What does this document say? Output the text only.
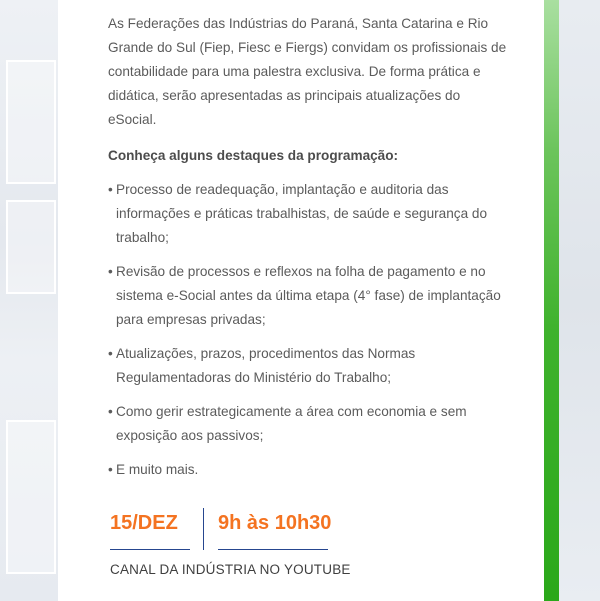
As Federações das Indústrias do Paraná, Santa Catarina e Rio Grande do Sul (Fiep, Fiesc e Fiergs) convidam os profissionais de contabilidade para uma palestra exclusiva. De forma prática e didática, serão apresentadas as principais atualizações do eSocial.

Conheça alguns destaques da programação:

• Processo de readequação, implantação e auditoria das informações e práticas trabalhistas, de saúde e segurança do trabalho;
• Revisão de processos e reflexos na folha de pagamento e no sistema e-Social antes da última etapa (4° fase) de implantação para empresas privadas;
• Atualizações, prazos, procedimentos das Normas Regulamentadoras do Ministério do Trabalho;
• Como gerir estrategicamente a área com economia e sem exposição aos passivos;
• E muito mais.
15/DEZ 9h às 10h30
CANAL DA INDÚSTRIA NO YOUTUBE
